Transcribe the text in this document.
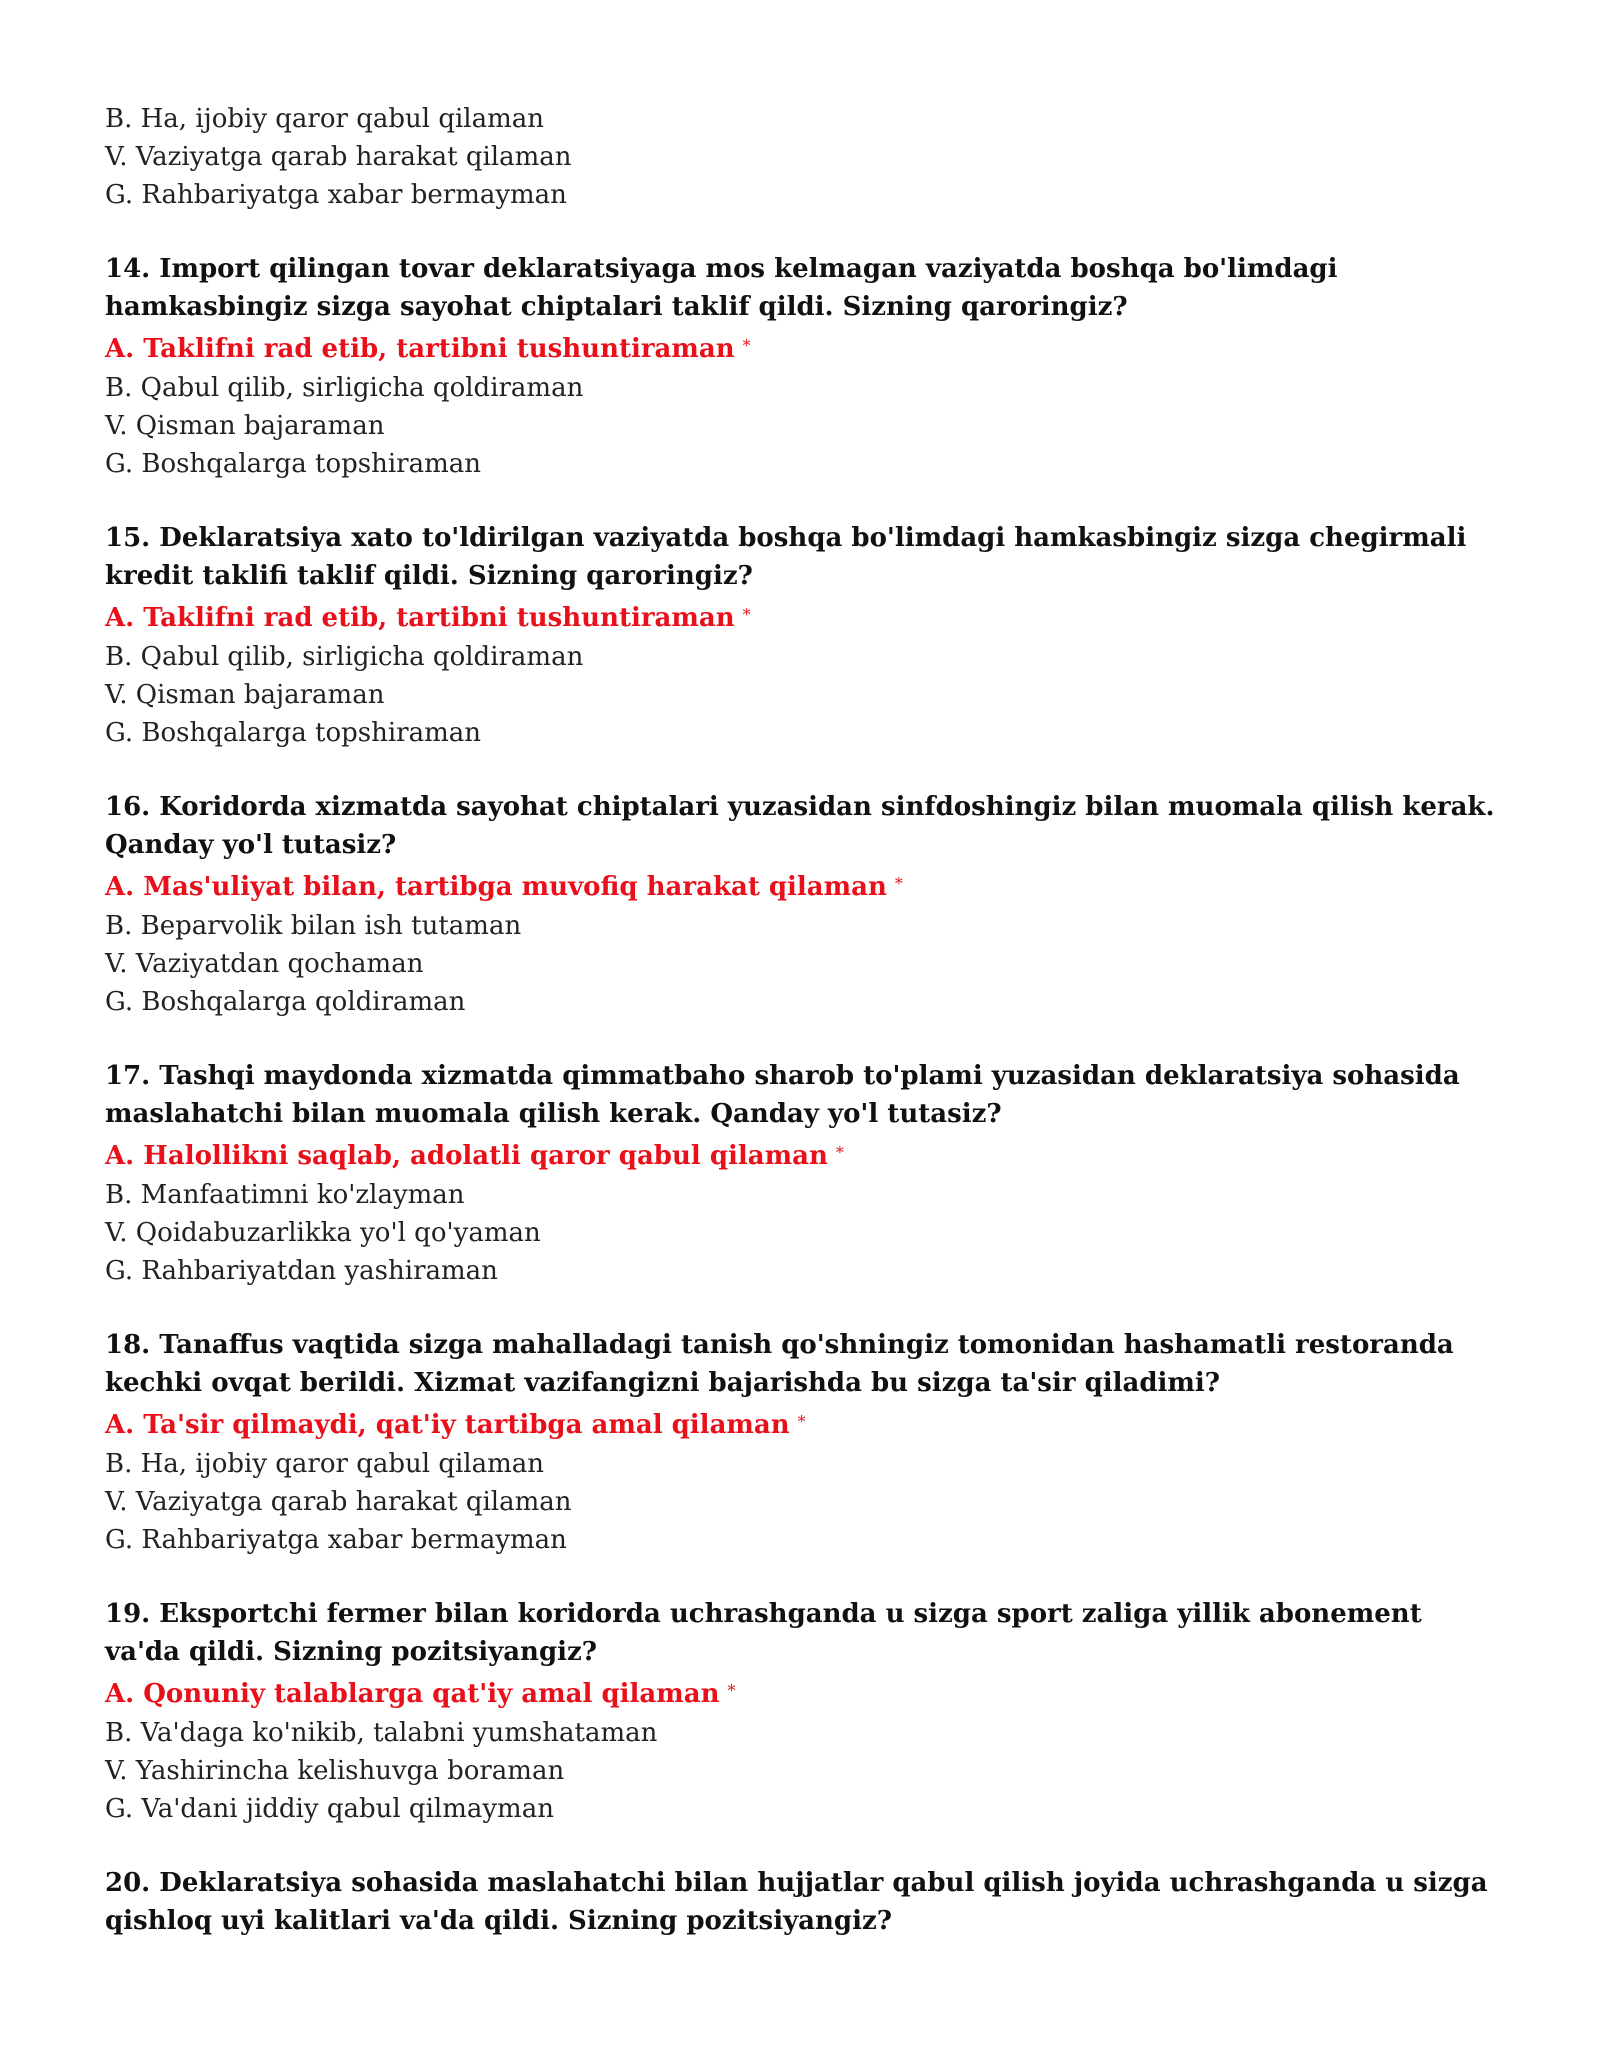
B. Ha, ijobiy qaror qabul qilaman
V. Vaziyatga qarab harakat qilaman
G. Rahbariyatga xabar bermayman
14. Import qilingan tovar deklaratsiyaga mos kelmagan vaziyatda boshqa bo'limdagi hamkasbingiz sizga sayohat chiptalari taklif qildi. Sizning qaroringiz?
A. Taklifni rad etib, tartibni tushuntiraman *
B. Qabul qilib, sirligicha qoldiraman
V. Qisman bajaraman
G. Boshqalarga topshiraman
15. Deklaratsiya xato to'ldirilgan vaziyatda boshqa bo'limdagi hamkasbingiz sizga chegirmali kredit taklifi taklif qildi. Sizning qaroringiz?
A. Taklifni rad etib, tartibni tushuntiraman *
B. Qabul qilib, sirligicha qoldiraman
V. Qisman bajaraman
G. Boshqalarga topshiraman
16. Koridorda xizmatda sayohat chiptalari yuzasidan sinfdoshingiz bilan muomala qilish kerak. Qanday yo'l tutasiz?
A. Mas'uliyat bilan, tartibga muvofiq harakat qilaman *
B. Beparvolik bilan ish tutaman
V. Vaziyatdan qochaman
G. Boshqalarga qoldiraman
17. Tashqi maydonda xizmatda qimmatbaho sharob to'plami yuzasidan deklaratsiya sohasida maslahatchi bilan muomala qilish kerak. Qanday yo'l tutasiz?
A. Halollikni saqlab, adolatli qaror qabul qilaman *
B. Manfaatimni ko'zlayman
V. Qoidabuzarlikka yo'l qo'yaman
G. Rahbariyatdan yashiraman
18. Tanaffus vaqtida sizga mahalladagi tanish qo'shningiz tomonidan hashamatli restoranda kechki ovqat berildi. Xizmat vazifangizni bajarishda bu sizga ta'sir qiladimi?
A. Ta'sir qilmaydi, qat'iy tartibga amal qilaman *
B. Ha, ijobiy qaror qabul qilaman
V. Vaziyatga qarab harakat qilaman
G. Rahbariyatga xabar bermayman
19. Eksportchi fermer bilan koridorda uchrashganda u sizga sport zaliga yillik abonement va'da qildi. Sizning pozitsiyangiz?
A. Qonuniy talablarga qat'iy amal qilaman *
B. Va'daga ko'nikib, talabni yumshataman
V. Yashirincha kelishuvga boraman
G. Va'dani jiddiy qabul qilmayman
20. Deklaratsiya sohasida maslahatchi bilan hujjatlar qabul qilish joyida uchrashganda u sizga qishloq uyi kalitlari va'da qildi. Sizning pozitsiyangiz?
